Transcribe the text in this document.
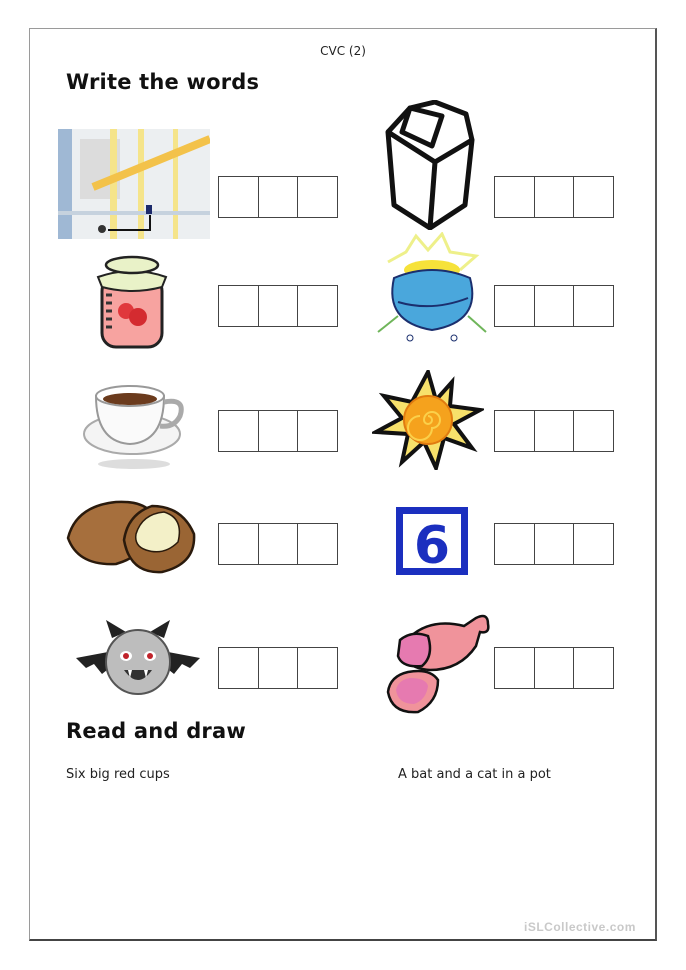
CVC (2)
Write the words
6
Read and draw
Six big red cups	A bat and a cat in a pot
iSLCollective.com
